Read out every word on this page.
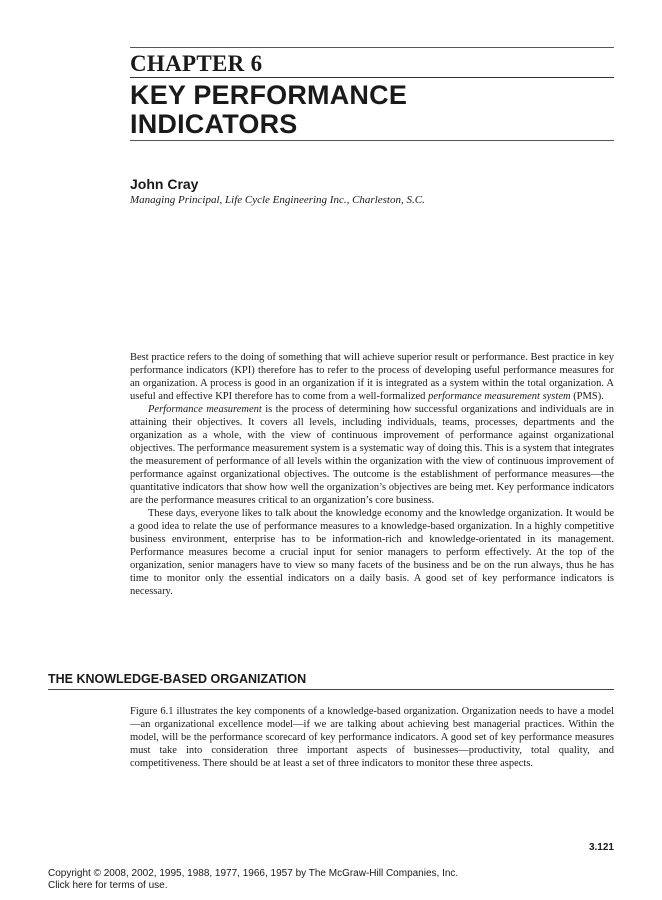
CHAPTER 6
KEY PERFORMANCE
INDICATORS
John Cray
Managing Principal, Life Cycle Engineering Inc., Charleston, S.C.

Best practice refers to the doing of something that will achieve superior result or performance. Best practice in key performance indicators (KPI) therefore has to refer to the process of developing useful performance measures for an organization. A process is good in an organization if it is integrated as a system within the total organization. A useful and effective KPI therefore has to come from a well-formalized performance measurement system (PMS).

Performance measurement is the process of determining how successful organizations and individuals are in attaining their objectives. It covers all levels, including individuals, teams, processes, departments and the organization as a whole, with the view of continuous improvement of performance against organizational objectives. The performance measurement system is a systematic way of doing this. This is a system that integrates the measurement of performance of all levels within the organization with the view of continuous improvement of performance against organizational objectives. The outcome is the establishment of performance measures—the quantitative indicators that show how well the organization’s objectives are being met. Key performance indicators are the performance measures critical to an organization’s core business.

These days, everyone likes to talk about the knowledge economy and the knowledge organization. It would be a good idea to relate the use of performance measures to a knowledge-based organization. In a highly competitive business environment, enterprise has to be information-rich and knowledge-orientated in its management. Performance measures become a crucial input for senior managers to perform effectively. At the top of the organization, senior managers have to view so many facets of the business and be on the run always, thus he has time to monitor only the essential indicators on a daily basis. A good set of key performance indicators is necessary.

THE KNOWLEDGE-BASED ORGANIZATION

Figure 6.1 illustrates the key components of a knowledge-based organization. Organization needs to have a model—an organizational excellence model—if we are talking about achieving best managerial practices. Within the model, will be the performance scorecard of key performance indicators. A good set of key performance measures must take into consideration three important aspects of businesses—productivity, total quality, and competitiveness. There should be at least a set of three indicators to monitor these three aspects.

3.121
Copyright © 2008, 2002, 1995, 1988, 1977, 1966, 1957 by The McGraw-Hill Companies, Inc.
Click here for terms of use.
